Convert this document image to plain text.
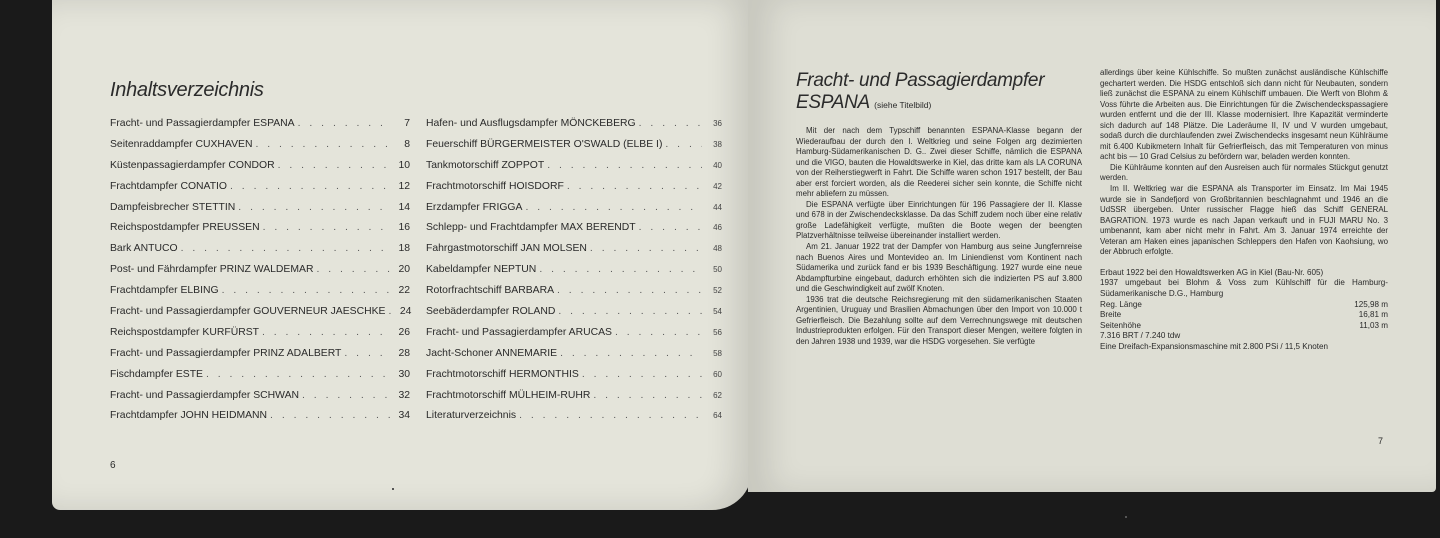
Inhaltsverzeichnis
Fracht- und Passagierdampfer ESPANA . . .	7
Seitenraddampfer CUXHAVEN . . .	8
Küstenpassagierdampfer CONDOR . . .	10
Frachtdampfer CONATIO . . .	12
Dampfeisbrecher STETTIN . . .	14
Reichspostdampfer PREUSSEN . . .	16
Bark ANTUCO . . .	18
Post- und Fährdampfer PRINZ WALDEMAR . . .	20
Frachtdampfer ELBING . . .	22
Fracht- und Passagierdampfer GOUVERNEUR JAESCHKE . . .	24
Reichspostdampfer KURFÜRST . . .	26
Fracht- und Passagierdampfer PRINZ ADALBERT . . .	28
Fischdampfer ESTE . . .	30
Fracht- und Passagierdampfer SCHWAN . . .	32
Frachtdampfer JOHN HEIDMANN . . .	34
Hafen- und Ausflugsdampfer MÖNCKEBERG . . .	36
Feuerschiff BÜRGERMEISTER O'SWALD (ELBE I) . . .	38
Tankmotorschiff ZOPPOT . . .	40
Frachtmotorschiff HOISDORF . . .	42
Erzdampfer FRIGGA . . .	44
Schlepp- und Frachtdampfer MAX BERENDT . . .	46
Fahrgastmotorschiff JAN MOLSEN . . .	48
Kabeldampfer NEPTUN . . .	50
Rotorfrachtschiff BARBARA . . .	52
Seebäderdampfer ROLAND . . .	54
Fracht- und Passagierdampfer ARUCAS . . .	56
Jacht-Schoner ANNEMARIE . . .	58
Frachtmotorschiff HERMONTHIS . . .	60
Frachtmotorschiff MÜLHEIM-RUHR . . .	62
Literaturverzeichnis . . .	64
6
Fracht- und Passagierdampfer
ESPANA (siehe Titelbild)

Mit der nach dem Typschiff benannten ESPANA-Klasse begann der Wiederaufbau der durch den I. Weltkrieg und seine Folgen arg dezimierten Hamburg-Südamerikanischen D. G.. Zwei dieser Schiffe, nämlich die ESPANA und die VIGO, bauten die Howaldtswerke in Kiel, das dritte kam als LA CORUNA von der Reiherstiegwerft in Fahrt. Die Schiffe waren schon 1917 bestellt, der Bau aber erst forciert worden, als die Reederei sicher sein konnte, die Schiffe nicht mehr abliefern zu müssen.

Die ESPANA verfügte über Einrichtungen für 196 Passagiere der II. Klasse und 678 in der Zwischendecksklasse. Da das Schiff zudem noch über eine relativ große Ladefähigkeit verfügte, mußten die Boote wegen der beengten Platzverhältnisse teilweise übereinander installiert werden.

Am 21. Januar 1922 trat der Dampfer von Hamburg aus seine Jungfernreise nach Buenos Aires und Montevideo an. Im Liniendienst vom Kontinent nach Südamerika und zurück fand er bis 1939 Beschäftigung. 1927 wurde eine neue Abdampfturbine eingebaut, dadurch erhöhten sich die indizierten PS auf 3.800 und die Geschwindigkeit auf zwölf Knoten.

1936 trat die deutsche Reichsregierung mit den südamerikanischen Staaten Argentinien, Uruguay und Brasilien Abmachungen über den Import von 10.000 t Gefrierfleisch. Die Bezahlung sollte auf dem Verrechnungswege mit deutschen Industrieprodukten erfolgen. Für den Transport dieser Mengen, weitere folgten in den Jahren 1938 und 1939, war die HSDG vorgesehen. Sie verfügte

allerdings über keine Kühlschiffe. So mußten zunächst ausländische Kühlschiffe gechartert werden. Die HSDG entschloß sich dann nicht für Neubauten, sondern ließ zunächst die ESPANA zu einem Kühlschiff umbauen. Die Werft von Blohm & Voss führte die Arbeiten aus. Die Einrichtungen für die Zwischendeckspassagiere wurden entfernt und die der III. Klasse modernisiert. Ihre Kapazität verminderte sich dadurch auf 148 Plätze. Die Laderäume II, IV und V wurden umgebaut, sodaß durch die durchlaufenden zwei Zwischendecks insgesamt neun Kühlräume mit 6.400 Kubikmetern Inhalt für Gefrierfleisch, das mit Temperaturen von minus acht bis — 10 Grad Celsius zu befördern war, beladen werden konnten.

Die Kühlräume konnten auf den Ausreisen auch für normales Stückgut genutzt werden.

Im II. Weltkrieg war die ESPANA als Transporter im Einsatz. Im Mai 1945 wurde sie in Sandefjord von Großbritannien beschlagnahmt und 1946 an die UdSSR übergeben. Unter russischer Flagge hieß das Schiff GENERAL BAGRATION. 1973 wurde es nach Japan verkauft und in FUJI MARU No. 3 umbenannt, kam aber nicht mehr in Fahrt. Am 3. Januar 1974 erreichte der Veteran am Haken eines japanischen Schleppers den Hafen von Kaohsiung, wo der Abbruch erfolgte.

Erbaut 1922 bei den Howaldtswerken AG in Kiel (Bau-Nr. 605)
1937 umgebaut bei Blohm & Voss zum Kühlschiff für die Hamburg-Südamerikanische D.G., Hamburg
Reg. Länge	125,98 m
Breite	16,81 m
Seitenhöhe	11,03 m
7.316 BRT / 7.240 tdw
Eine Dreifach-Expansionsmaschine mit 2.800 PSi / 11,5 Knoten
7
